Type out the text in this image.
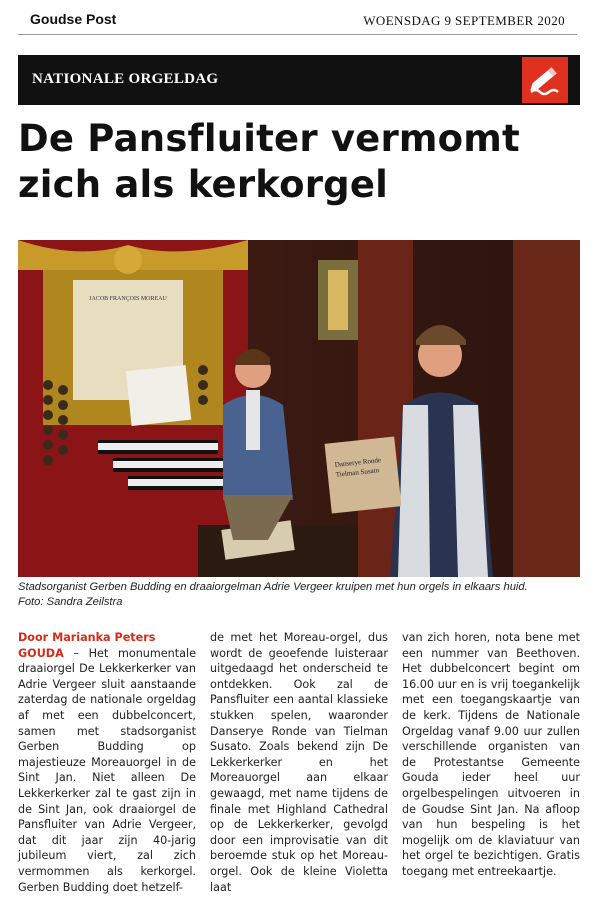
Goudse Post	WOENSDAG 9 SEPTEMBER 2020
NATIONALE ORGELDAG
De Pansfluiter vermomt
zich als kerkorgel
JACOB FRANÇOIS MOREAU
Danserye Ronde
Tielman Susato
Stadsorganist Gerben Budding en draaiorgelman Adrie Vergeer kruipen met hun orgels in elkaars huid.
Foto: Sandra Zeilstra
Door Marianka Peters

GOUDA – Het monumentale draaiorgel De Lekkerkerker van Adrie Vergeer sluit aanstaande zaterdag de nationale orgeldag af met een dubbelconcert, samen met stadsorganist Gerben Budding op majestieuze Moreauorgel in de Sint Jan. Niet alleen De Lekkerkerker zal te gast zijn in de Sint Jan, ook draaiorgel de Pansfluiter van Adrie Vergeer, dat dit jaar zijn 40-jarig jubileum viert, zal zich vermommen als kerkorgel. Gerben Budding doet hetzelf-

de met het Moreau-orgel, dus wordt de geoefende luisteraar uitgedaagd het onderscheid te ontdekken. Ook zal de Pansfluiter een aantal klassieke stukken spelen, waaronder Danserye Ronde van Tielman Susato. Zoals bekend zijn De Lekkerkerker en het Moreauorgel aan elkaar gewaagd, met name tijdens de finale met Highland Cathedral op de Lekkerkerker, gevolgd door een improvisatie van dit beroemde stuk op het Moreau-orgel. Ook de kleine Violetta laat

van zich horen, nota bene met een nummer van Beethoven. Het dubbelconcert begint om 16.00 uur en is vrij toegankelijk met een toegangskaartje van de kerk. Tijdens de Nationale Orgeldag vanaf 9.00 uur zullen verschillende organisten van de Protestantse Gemeente Gouda ieder heel uur orgelbespelingen uitvoeren in de Goudse Sint Jan. Na afloop van hun bespeling is het mogelijk om de klaviatuur van het orgel te bezichtigen. Gratis toegang met entreekaartje.
